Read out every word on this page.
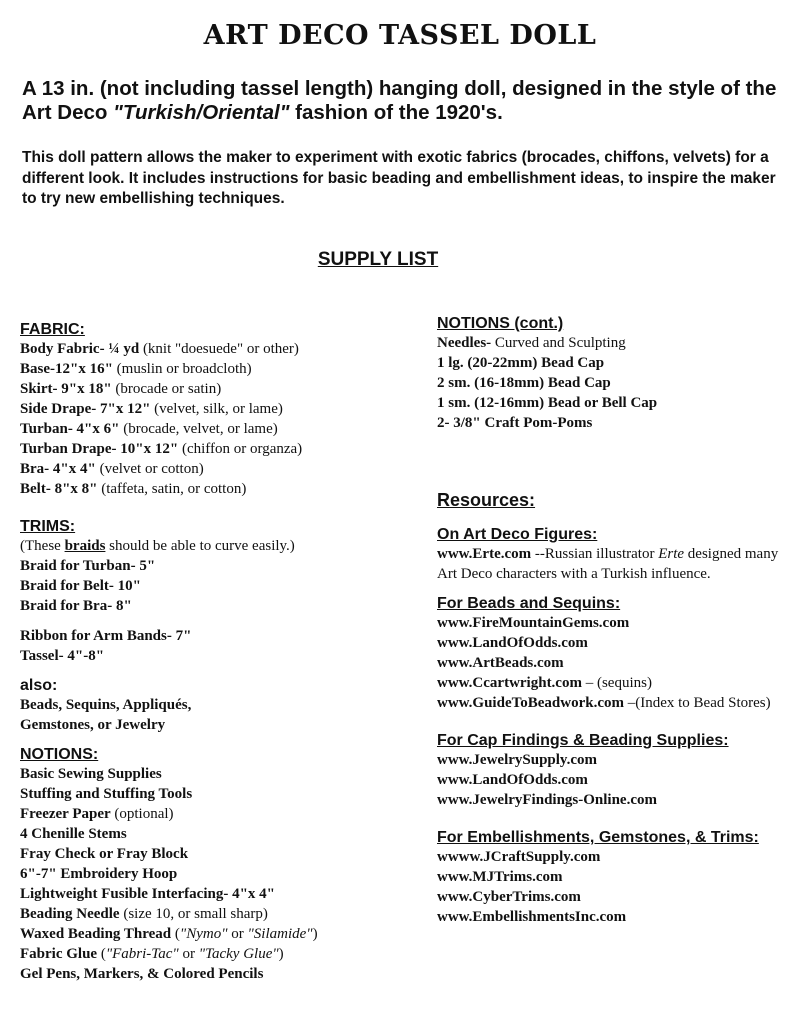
ART DECO TASSEL DOLL

A 13 in. (not including tassel length) hanging doll, designed in the style of the Art Deco "Turkish/Oriental" fashion of the 1920's.

This doll pattern allows the maker to experiment with exotic fabrics (brocades, chiffons, velvets) for a different look. It includes instructions for basic beading and embellishment ideas, to inspire the maker to try new embellishing techniques.

SUPPLY LIST

FABRIC:

Body Fabric- ¼ yd (knit "doesuede" or other)

Base-12"x 16" (muslin or broadcloth)

Skirt- 9"x 18" (brocade or satin)

Side Drape- 7"x 12" (velvet, silk, or lame)

Turban- 4"x 6" (brocade, velvet, or lame)

Turban Drape- 10"x 12" (chiffon or organza)

Bra- 4"x 4" (velvet or cotton)

Belt- 8"x 8" (taffeta, satin, or cotton)

TRIMS:

(These braids should be able to curve easily.)

Braid for Turban- 5"

Braid for Belt- 10"

Braid for Bra- 8"

Ribbon for Arm Bands- 7"

Tassel- 4"-8"

also:

Beads, Sequins, Appliqués,

Gemstones, or Jewelry

NOTIONS:

Basic Sewing Supplies

Stuffing and Stuffing Tools

Freezer Paper (optional)

4 Chenille Stems

Fray Check or Fray Block

6"-7" Embroidery Hoop

Lightweight Fusible Interfacing- 4"x 4"

Beading Needle (size 10, or small sharp)

Waxed Beading Thread ("Nymo" or "Silamide")

Fabric Glue ("Fabri-Tac" or "Tacky Glue")

Gel Pens, Markers, & Colored Pencils

NOTIONS (cont.)

Needles- Curved and Sculpting

1 lg. (20-22mm) Bead Cap

2 sm. (16-18mm) Bead Cap

1 sm. (12-16mm) Bead or Bell Cap

2- 3/8" Craft Pom-Poms

Resources:

On Art Deco Figures:

www.Erte.com --Russian illustrator Erte designed many Art Deco characters with a Turkish influence.

For Beads and Sequins:

www.FireMountainGems.com

www.LandOfOdds.com

www.ArtBeads.com

www.Ccartwright.com – (sequins)

www.GuideToBeadwork.com –(Index to Bead Stores)

For Cap Findings & Beading Supplies:

www.JewelrySupply.com

www.LandOfOdds.com

www.JewelryFindings-Online.com

For Embellishments, Gemstones, & Trims:

wwww.JCraftSupply.com

www.MJTrims.com

www.CyberTrims.com

www.EmbellishmentsInc.com
